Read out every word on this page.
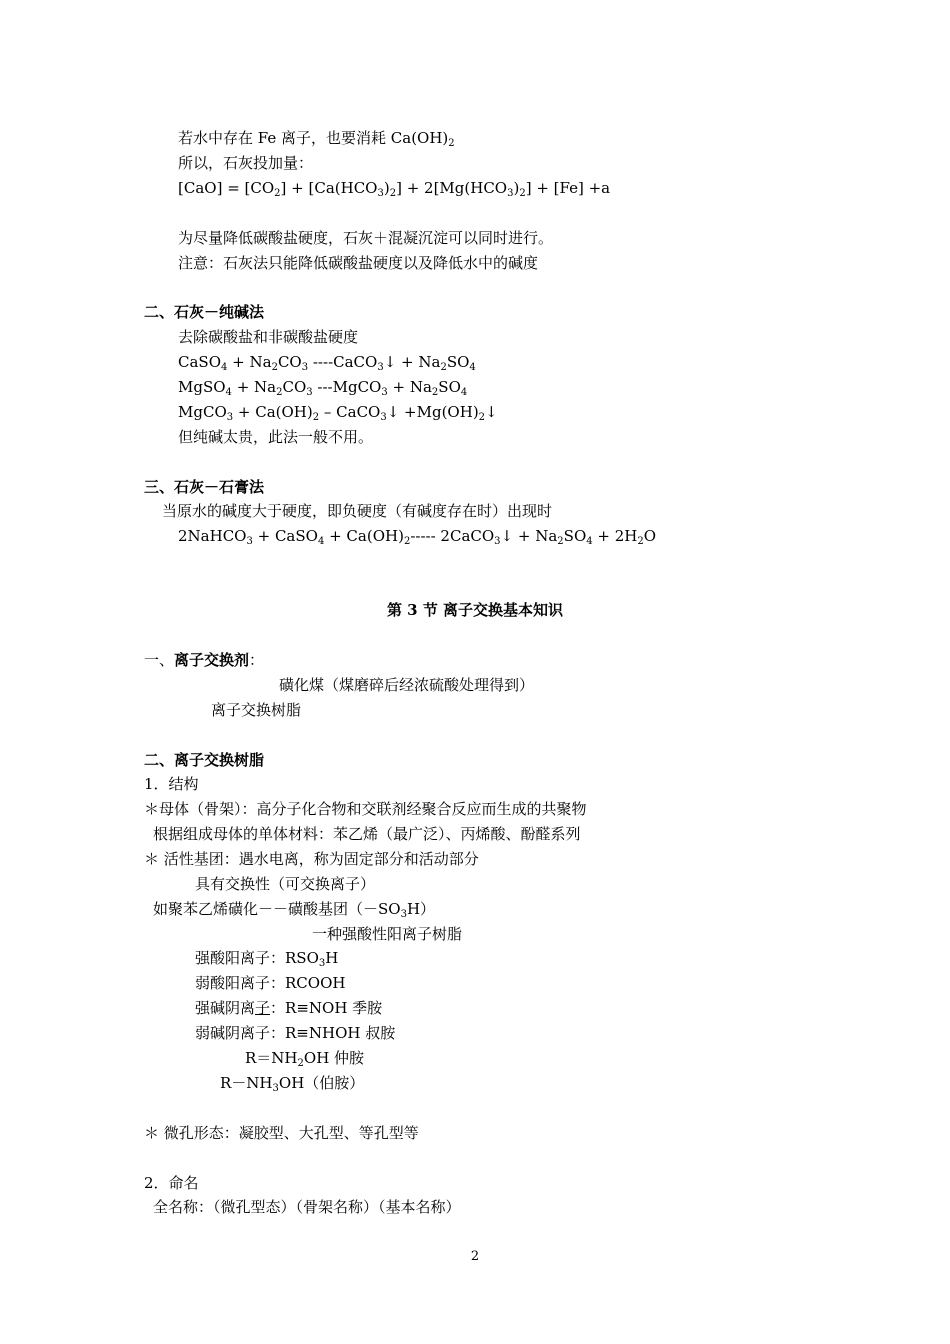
若水中存在 Fe 离子，也要消耗 $Ca(OH)_2$
所以，石灰投加量：
$[CaO] = [CO_2] + [Ca(HCO_3)_2] + 2[Mg(HCO_3)_2] + [Fe] +a$
为尽量降低碳酸盐硬度，石灰＋混凝沉淀可以同时进行。
注意：石灰法只能降低碳酸盐硬度以及降低水中的碱度
二、石灰－纯碱法
去除碳酸盐和非碳酸盐硬度
CaSO$_4$ + $Na_2CO_3$ ----CaCO$_3$↓ + $Na_2SO_4$
MgSO$_4$ + $Na_2CO_3$ ---MgCO$_3$ + $Na_2SO_4$
MgCO$_3$ + $Ca(OH)_2$ – CaCO$_3$↓ $+Mg(OH)_2↓$
但纯碱太贵，此法一般不用。
三、石灰－石膏法
当原水的碱度大于硬度，即负硬度（有碱度存在时）出现时
2NaHCO$_3$ + CaSO$_4$ + $Ca(OH)_2-----$ 2CaCO$_3$↓ + $Na_2SO_4 + 2H_2O$
第 3 节 离子交换基本知识
一、离子交换剂：
磺化煤（煤磨碎后经浓硫酸处理得到）
离子交换树脂
二、离子交换树脂
1．结构
＊母体（骨架）：高分子化合物和交联剂经聚合反应而生成的共聚物
根据组成母体的单体材料：苯乙烯（最广泛）、丙烯酸、酚醛系列
＊ 活性基团：遇水电离，称为固定部分和活动部分
具有交换性（可交换离子）
如聚苯乙烯磺化－－磺酸基团$(-SO_3H)$
一种强酸性阳离子树脂
强酸阳离子：$RSO_3H$
弱酸阳离子：RCOOH
强碱阴离子：R≡NOH 季胺
弱碱阴离子：R≡NHOH 叔胺
$R=NH_2OH$ 仲胺
$R-NH_3OH$（伯胺）
＊ 微孔形态：凝胶型、大孔型、等孔型等
2．命名
全名称：（微孔型态）（骨架名称）（基本名称）
2
